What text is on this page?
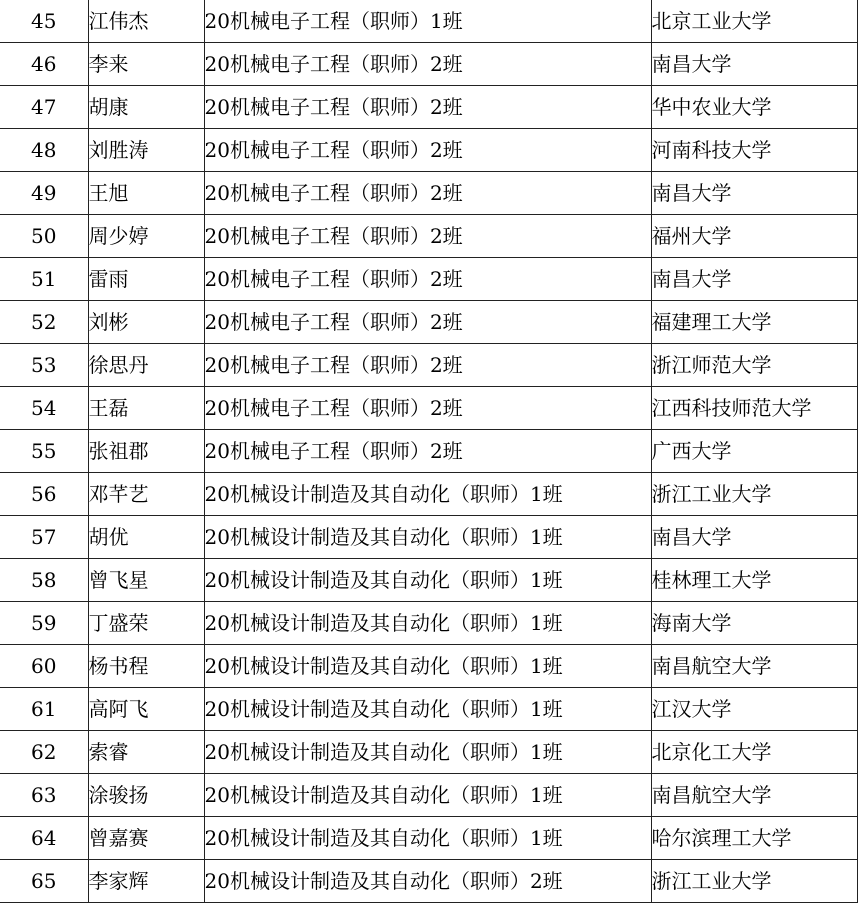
45	江伟杰	20机械电子工程（职师）1班	北京工业大学
46	李来	20机械电子工程（职师）2班	南昌大学
47	胡康	20机械电子工程（职师）2班	华中农业大学
48	刘胜涛	20机械电子工程（职师）2班	河南科技大学
49	王旭	20机械电子工程（职师）2班	南昌大学
50	周少婷	20机械电子工程（职师）2班	福州大学
51	雷雨	20机械电子工程（职师）2班	南昌大学
52	刘彬	20机械电子工程（职师）2班	福建理工大学
53	徐思丹	20机械电子工程（职师）2班	浙江师范大学
54	王磊	20机械电子工程（职师）2班	江西科技师范大学
55	张祖郡	20机械电子工程（职师）2班	广西大学
56	邓芊艺	20机械设计制造及其自动化（职师）1班	浙江工业大学
57	胡优	20机械设计制造及其自动化（职师）1班	南昌大学
58	曾飞星	20机械设计制造及其自动化（职师）1班	桂林理工大学
59	丁盛荣	20机械设计制造及其自动化（职师）1班	海南大学
60	杨书程	20机械设计制造及其自动化（职师）1班	南昌航空大学
61	高阿飞	20机械设计制造及其自动化（职师）1班	江汉大学
62	索睿	20机械设计制造及其自动化（职师）1班	北京化工大学
63	涂骏扬	20机械设计制造及其自动化（职师）1班	南昌航空大学
64	曾嘉赛	20机械设计制造及其自动化（职师）1班	哈尔滨理工大学
65	李家辉	20机械设计制造及其自动化（职师）2班	浙江工业大学
